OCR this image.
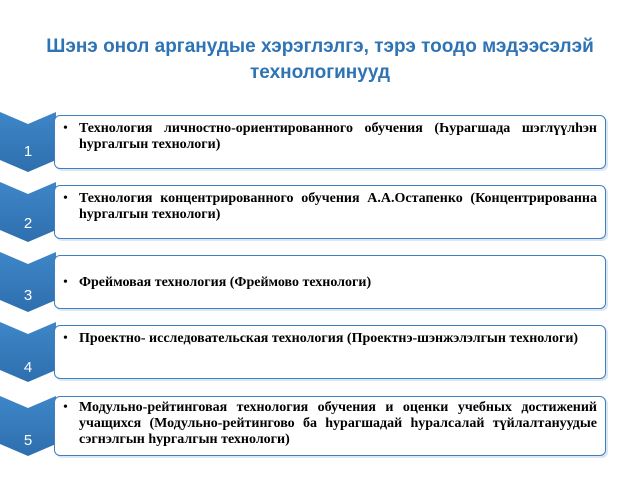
Шэнэ онол арганудые хэрэглэлгэ, тэрэ тоодо мэдээсэлэй технологинууд
1
• Технология личностно-ориентированного обучения (Һурагшада шэглүүлһэн һургалгын технологи)
2
• Технология концентрированного обучения А.А.Остапенко (Концентрированна һургалгын технологи)
3
• Фреймовая технология (Фреймово технологи)
4
• Проектно- исследовательская технология (Проектнэ-шэнжэлэлгын технологи)
5
• Модульно-рейтинговая технология обучения и оценки учебных достижений учащихся (Модульно-рейтингово ба һурагшадай һуралсалай түйлалтануудые сэгнэлгын һургалгын технологи)
